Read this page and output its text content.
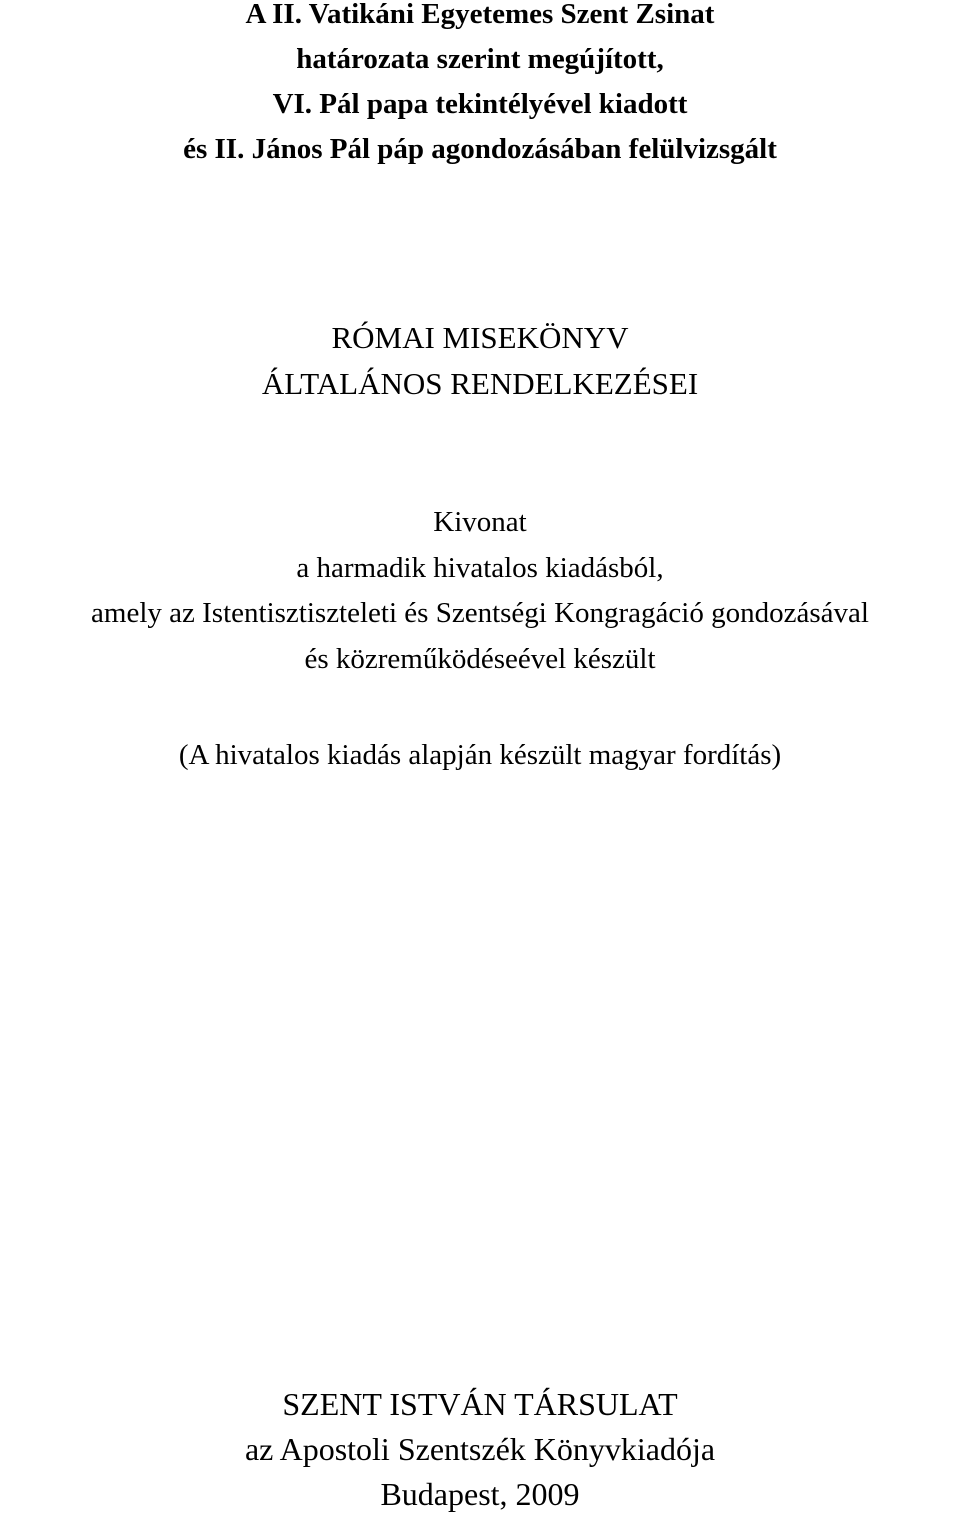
A II. Vatikáni Egyetemes Szent Zsinat
határozata szerint megújított,
VI. Pál papa tekintélyével kiadott
és II. János Pál páp agondozásában felülvizsgált
RÓMAI MISEKÖNYV
ÁLTALÁNOS RENDELKEZÉSEI
Kivonat
a harmadik hivatalos kiadásból,
amely az Istentisztiszteleti és Szentségi Kongragáció gondozásával
és közreműködéseével készült
(A hivatalos kiadás alapján készült magyar fordítás)
SZENT ISTVÁN TÁRSULAT
az Apostoli Szentszék Könyvkiadója
Budapest, 2009
